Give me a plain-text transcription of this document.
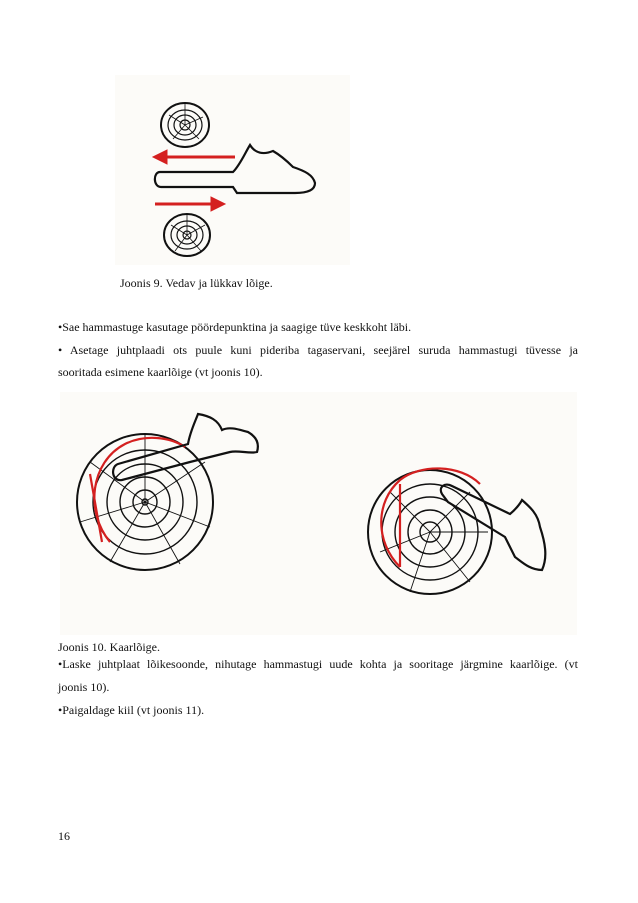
Joonis 9. Vedav ja lükkav lõige.
•Sae hammastuge kasutage pöördepunktina ja saagige tüve keskkoht läbi.
• Asetage juhtplaadi ots puule kuni pideriba tagaservani, seejärel suruda hammastugi tüvesse ja
sooritada esimene kaarlõige (vt joonis 10).
Joonis 10. Kaarlõige.
•Laske juhtplaat lõikesoonde, nihutage hammastugi uude kohta ja sooritage järgmine kaarlõige. (vt
joonis 10).
•Paigaldage kiil (vt joonis 11).
16
